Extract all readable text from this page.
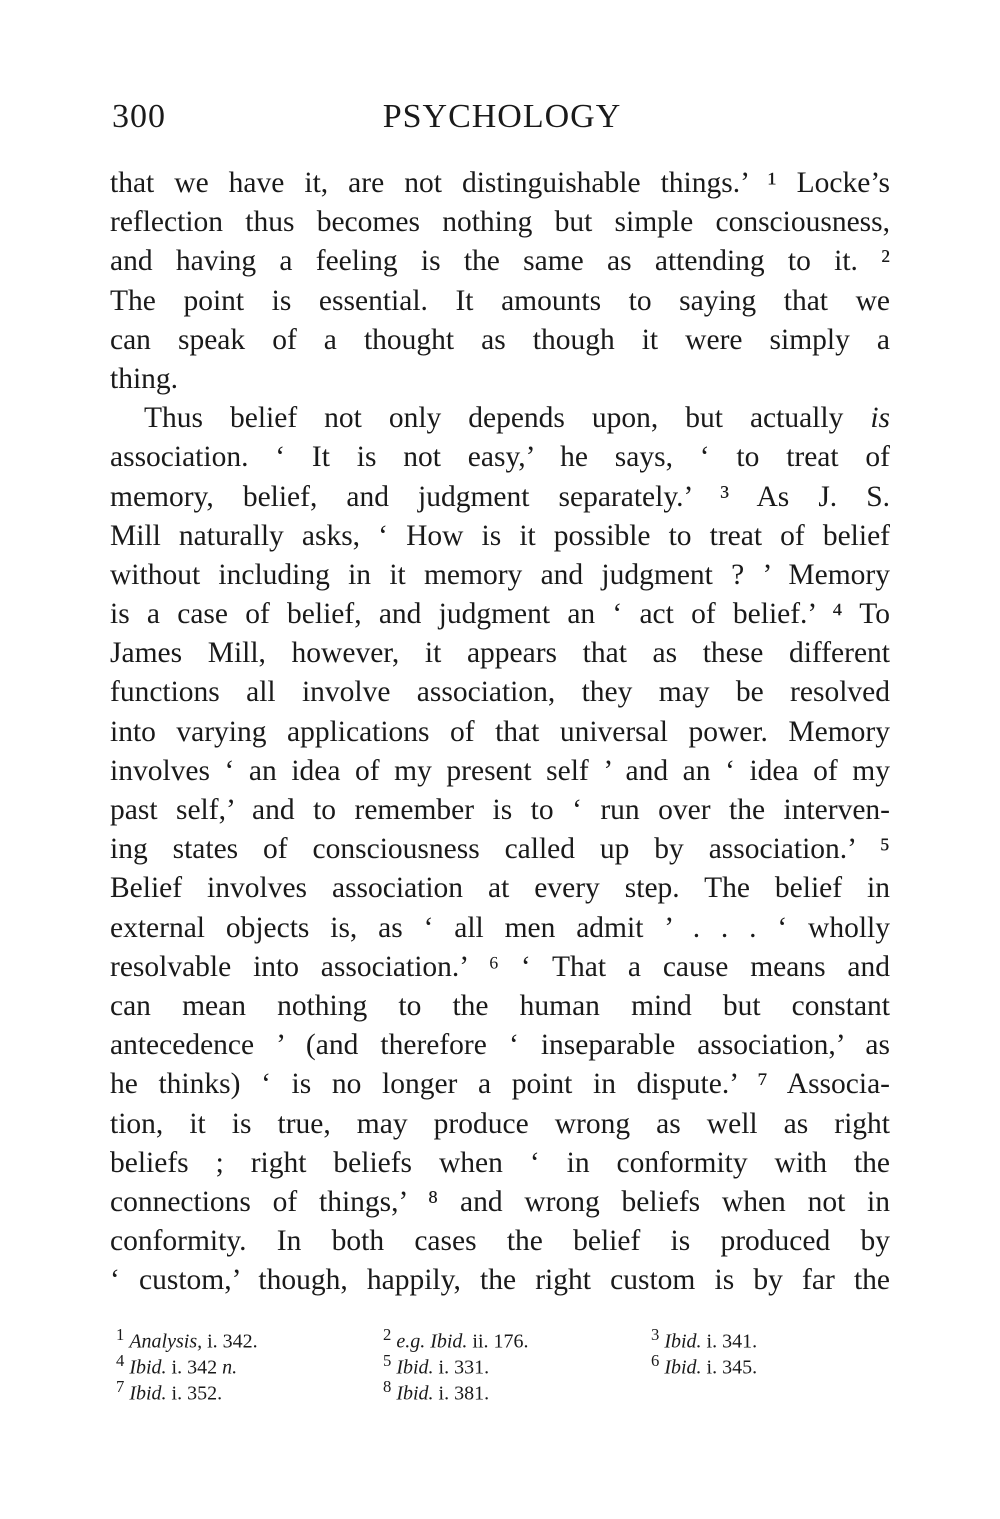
300	PSYCHOLOGY
that we have it, are not distinguishable things.’ ¹ Locke’s
reflection thus becomes nothing but simple consciousness,
and having a feeling is the same as attending to it. ²
The point is essential. It amounts to saying that we
can speak of a thought as though it were simply a
thing.
Thus belief not only depends upon, but actually is
association. ‘ It is not easy,’ he says, ‘ to treat of
memory, belief, and judgment separately.’ ³ As J. S.
Mill naturally asks, ‘ How is it possible to treat of belief
without including in it memory and judgment ? ’ Memory
is a case of belief, and judgment an ‘ act of belief.’ ⁴ To
James Mill, however, it appears that as these different
functions all involve association, they may be resolved
into varying applications of that universal power. Memory
involves ‘ an idea of my present self ’ and an ‘ idea of my
past self,’ and to remember is to ‘ run over the interven-
ing states of consciousness called up by association.’ ⁵
Belief involves association at every step. The belief in
external objects is, as ‘ all men admit ’ . . . ‘ wholly
resolvable into association.’ ⁶ ‘ That a cause means and
can mean nothing to the human mind but constant
antecedence ’ (and therefore ‘ inseparable association,’ as
he thinks) ‘ is no longer a point in dispute.’ ⁷ Associa-
tion, it is true, may produce wrong as well as right
beliefs ; right beliefs when ‘ in conformity with the
connections of things,’ ⁸ and wrong beliefs when not in
conformity. In both cases the belief is produced by
‘ custom,’ though, happily, the right custom is by far the
$^1$ Analysis, i. 342.	$^2$ e.g. Ibid. ii. 176.	$^3$ Ibid. i. 341.
$^4$ Ibid. i. 342 n.	$^5$ Ibid. i. 331.	$^6$ Ibid. i. 345.
$^7$ Ibid. i. 352.	$^8$ Ibid. i. 381.
